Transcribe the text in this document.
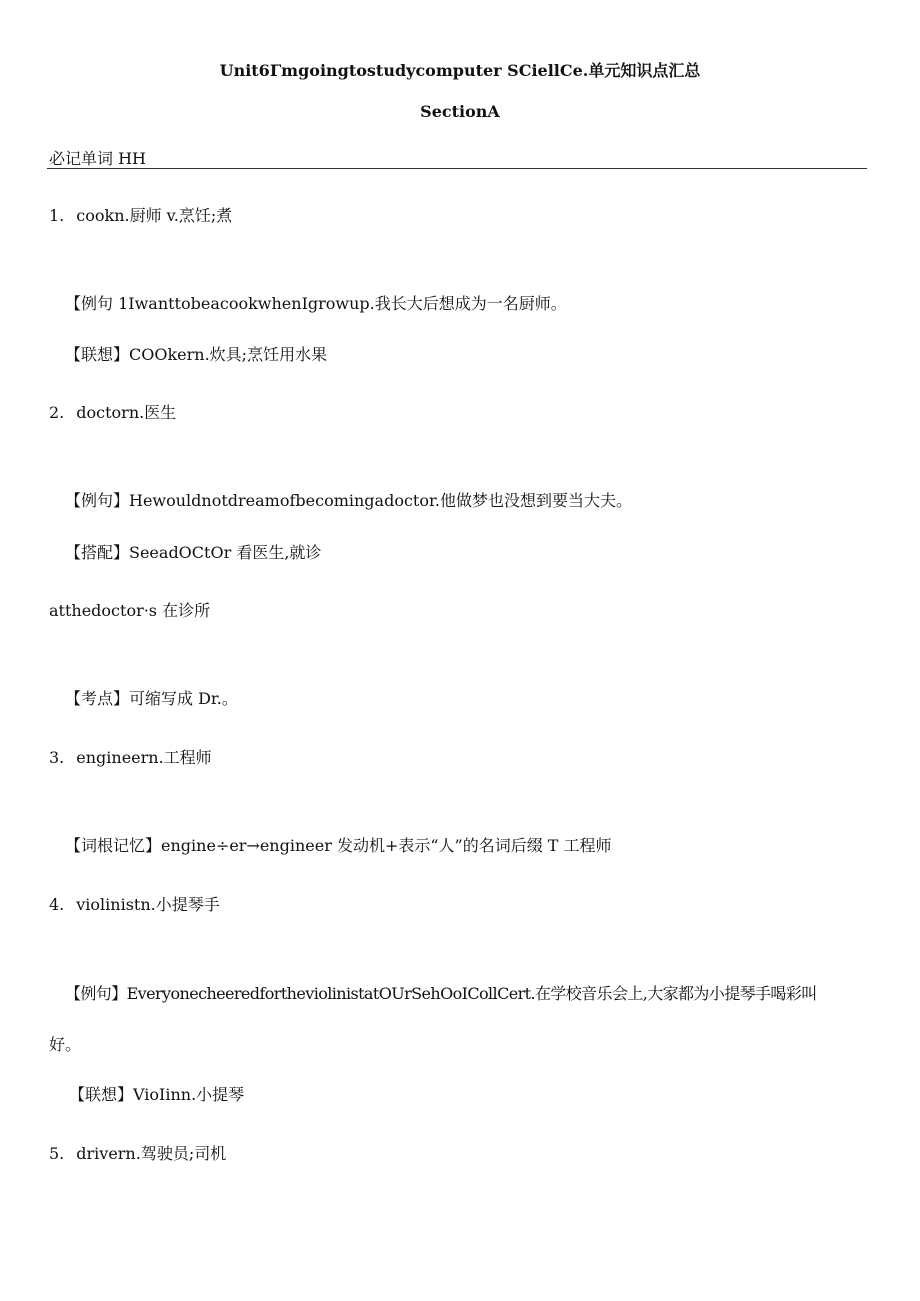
Unit6Γmgoingtostudycomputer SCiellCe.单元知识点汇总
SectionA
必记单词 HH
1. cookn.厨师 v.烹饪;煮
【例句 1IwanttobeacookwhenIgrowup.我长大后想成为一名厨师。
【联想】COOkern.炊具;烹饪用水果
2. doctorn.医生
【例句】Hewouldnotdreamofbecomingadoctor.他做梦也没想到要当大夫。
【搭配】SeeadOCtOr 看医生,就诊
atthedoctor·s 在诊所
【考点】可缩写成 Dr.。
3. engineern.工程师
【词根记忆】engine÷er→engineer 发动机+表示“人”的名词后缀 T 工程师
4. violinistn.小提琴手
【例句】EveryonecheeredfortheviolinistatOUrSehOoICollCert.在学校音乐会上,大家都为小提琴手喝彩叫
好。
【联想】VioIinn.小提琴
5. drivern.驾驶员;司机
